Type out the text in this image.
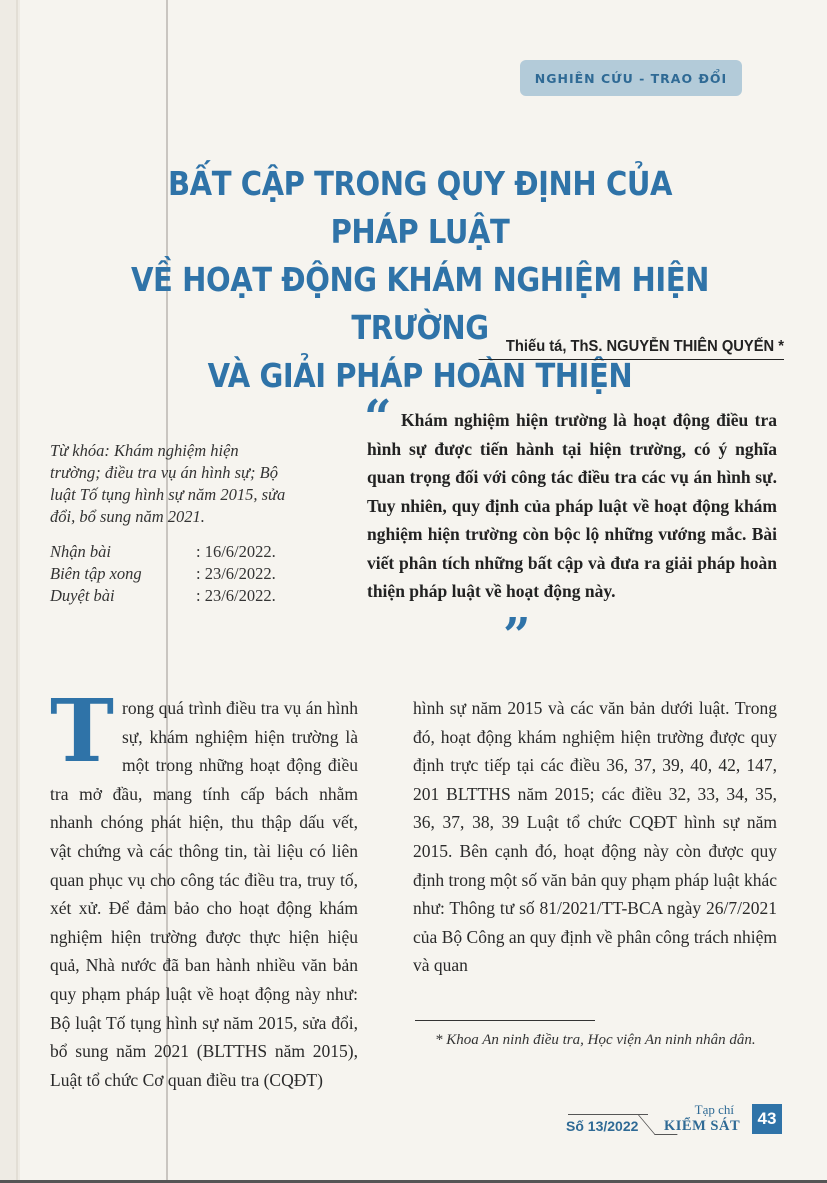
NGHIÊN CỨU - TRAO ĐỔI
BẤT CẬP TRONG QUY ĐỊNH CỦA PHÁP LUẬT
VỀ HOẠT ĐỘNG KHÁM NGHIỆM HIỆN TRƯỜNG
VÀ GIẢI PHÁP HOÀN THIỆN
Thiếu tá, ThS. NGUYỄN THIÊN QUYẾN *
“ Khám nghiệm hiện trường là hoạt động điều tra hình sự được tiến hành tại hiện trường, có ý nghĩa quan trọng đối với công tác điều tra các vụ án hình sự. Tuy nhiên, quy định của pháp luật về hoạt động khám nghiệm hiện trường còn bộc lộ những vướng mắc. Bài viết phân tích những bất cập và đưa ra giải pháp hoàn thiện pháp luật về hoạt động này.
”
Từ khóa: Khám nghiệm hiện trường; điều tra vụ án hình sự; Bộ luật Tố tụng hình sự năm 2015, sửa đổi, bổ sung năm 2021.
Nhận bài	: 16/6/2022.
Biên tập xong	: 23/6/2022.
Duyệt bài	: 23/6/2022.

T rong quá trình điều tra vụ án hình sự, khám nghiệm hiện trường là một trong những hoạt động điều tra mở đầu, mang tính cấp bách nhằm nhanh chóng phát hiện, thu thập dấu vết, vật chứng và các thông tin, tài liệu có liên quan phục vụ cho công tác điều tra, truy tố, xét xử. Để đảm bảo cho hoạt động khám nghiệm hiện trường được thực hiện hiệu quả, Nhà nước đã ban hành nhiều văn bản quy phạm pháp luật về hoạt động này như: Bộ luật Tố tụng hình sự năm 2015, sửa đổi, bổ sung năm 2021 (BLTTHS năm 2015), Luật tổ chức Cơ quan điều tra (CQĐT)

hình sự năm 2015 và các văn bản dưới luật. Trong đó, hoạt động khám nghiệm hiện trường được quy định trực tiếp tại các điều 36, 37, 39, 40, 42, 147, 201 BLTTHS năm 2015; các điều 32, 33, 34, 35, 36, 37, 38, 39 Luật tổ chức CQĐT hình sự năm 2015. Bên cạnh đó, hoạt động này còn được quy định trong một số văn bản quy phạm pháp luật khác như: Thông tư số 81/2021/TT-BCA ngày 26/7/2021 của Bộ Công an quy định về phân công trách nhiệm và quan

* Khoa An ninh điều tra, Học viện An ninh nhân dân.
Số 13/2022
Tạp chí
KIỂM SÁT	43
